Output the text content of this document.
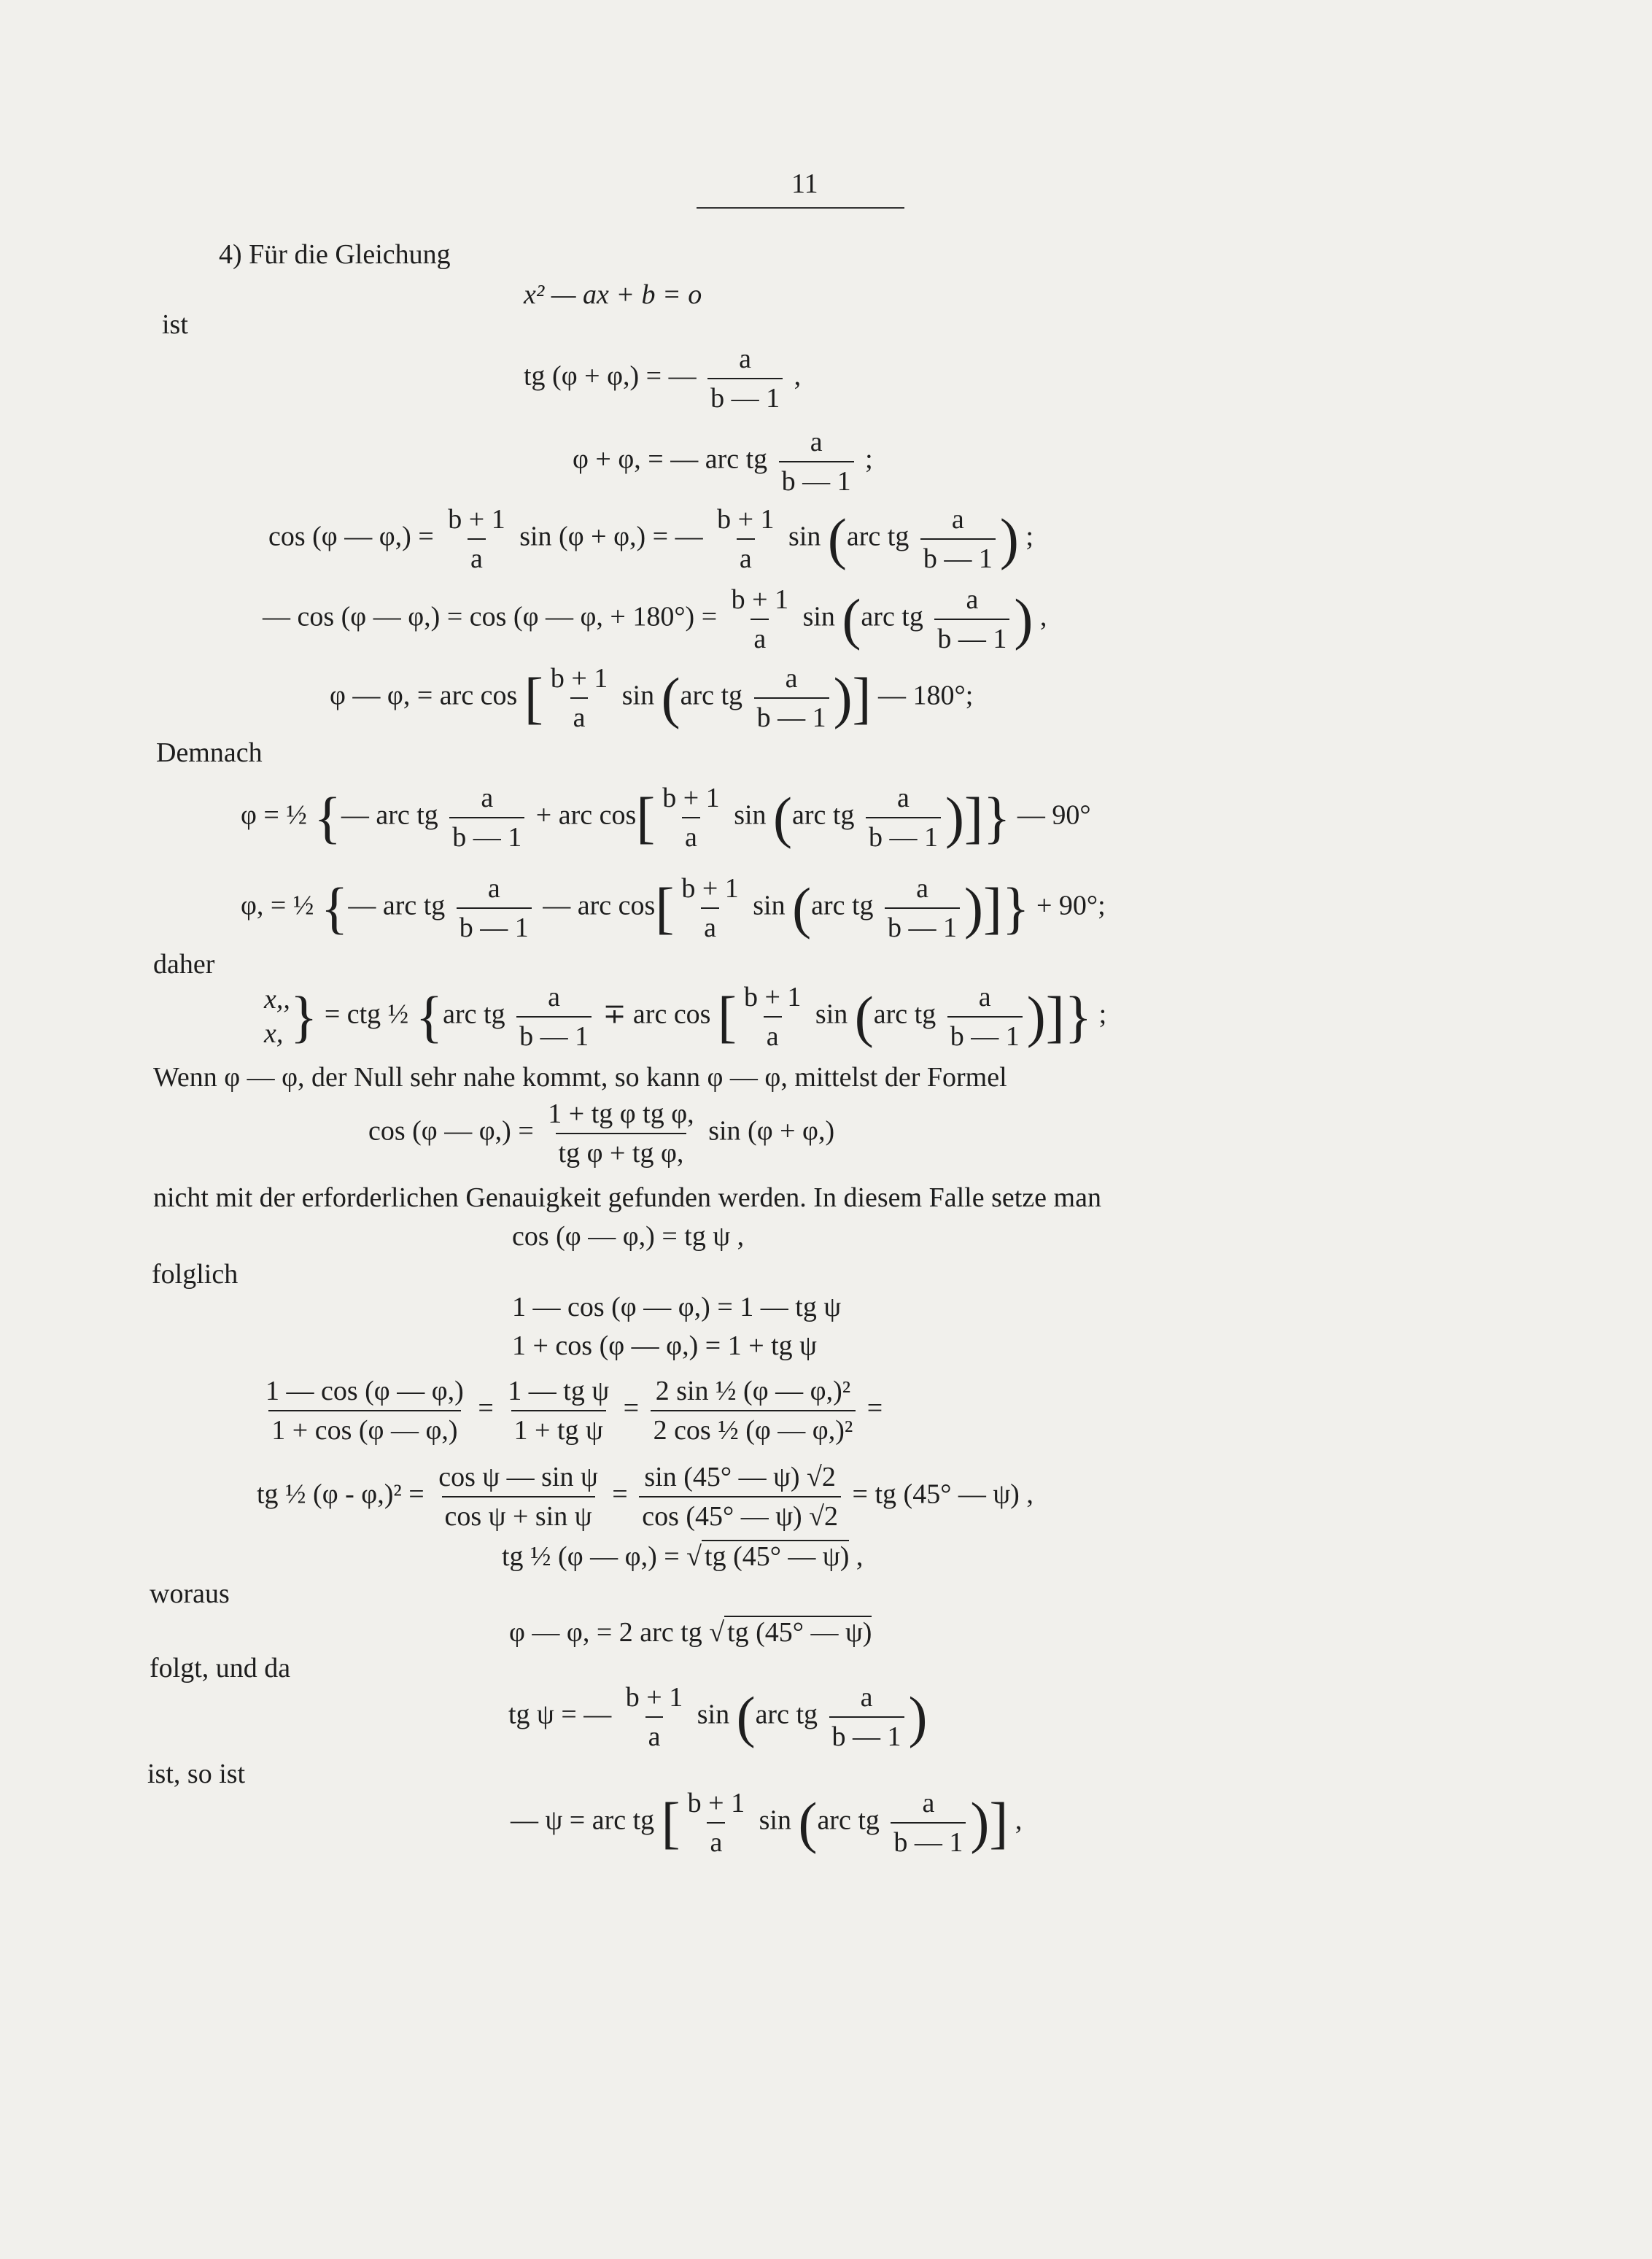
11
4) Für die Gleichung
ist
x² — ax + b = o
tg (φ + φ,) = — $\frac{a}{b — 1}$ ,
φ + φ, = — arc tg $\frac{a}{b — 1}$ ;
cos (φ — $\varphi,) = \frac{b + 1}{a}$ sin (φ + φ,) = — $\frac{b + 1}{a}$ sin (arc tg $\frac{a}{b — 1}$ ) ;
— cos (φ — φ,) = cos (φ — φ, + $180^\circ) = \frac{b + 1}{a}$ sin (arc tg $\frac{a}{b — 1}$ ) ,
φ — φ, = arc cos [ $\frac{b + 1}{a}$ sin (arc tg $\frac{a}{b — 1}$ )] — 180°;
Demnach
φ = ½ {— arc tg $\frac{a}{b — 1}$ + arc $\cos[ \frac{b + 1}{a}$ sin (arc tg $\frac{a}{b — 1}$ )]} — 90°
φ, = ½ {— arc tg $\frac{a}{b — 1}$ — arc $\cos[ \frac{b + 1}{a}$ sin (arc tg $\frac{a}{b — 1}$ )]} + 90°;
daher
x,,
x, } = ctg ½ {arc tg $\frac{a}{b — 1}$ ∓ arc cos [ $\frac{b + 1}{a}$ sin (arc tg $\frac{a}{b — 1}$ )]} ;
Wenn φ — φ, der Null sehr nahe kommt, so kann φ — φ, mittelst der Formel
cos (φ — $\varphi,) = \frac{\text{1 + tg φ tg φ,}}{\text{tg φ + tg φ,}}$ sin (φ + φ,)
nicht mit der erforderlichen Genauigkeit gefunden werden. In diesem Falle setze man
cos (φ — φ,) = tg ψ ,
folglich
1 — cos (φ — φ,) = 1 — tg ψ
1 + cos (φ — φ,) = 1 + tg ψ
$\frac{1 — \cos (\varphi — \varphi,)}{1 + \cos (\varphi — \varphi,)} = \frac{\text{1 — tg ψ}}{\text{1 + tg ψ}} = \frac{\text{2 sin ½ (φ — φ,)²}}{\text{2 cos ½ (φ — φ,)²}}$ =
tg ½ $(\varphi - \varphi,)^2 = \frac{\text{cos ψ — sin ψ}}{\text{cos ψ + sin ψ}} = \frac{\sin (45^\circ — \psi) √2}{\cos (45^\circ — \psi) √2}$ = tg (45° — ψ) ,
tg ½ (φ — φ,) = √ tg (45° — ψ) ,
woraus
φ — φ, = 2 arc tg √ tg (45° — ψ)
folgt, und da
tg ψ = — $\frac{b + 1}{a}$ sin (arc tg $\frac{a}{b — 1}$ )
ist, so ist
— ψ = arc tg [ $\frac{b + 1}{a}$ sin (arc tg $\frac{a}{b — 1}$ )] ,
